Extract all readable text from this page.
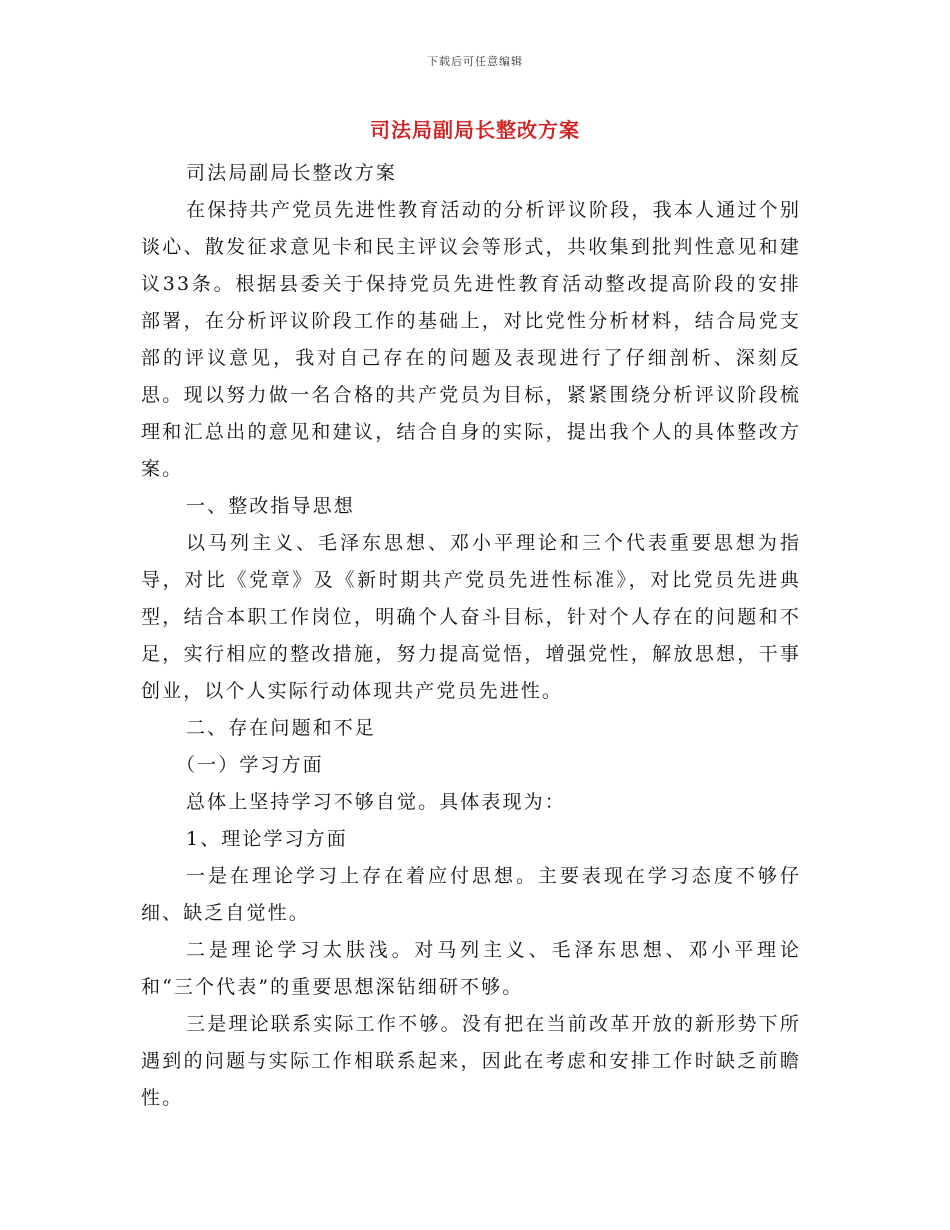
下载后可任意编辑
司法局副局长整改方案

司法局副局长整改方案

在保持共产党员先进性教育活动的分析评议阶段，我本人通过个别谈心、散发征求意见卡和民主评议会等形式，共收集到批判性意见和建议33条。根据县委关于保持党员先进性教育活动整改提高阶段的安排部署，在分析评议阶段工作的基础上，对比党性分析材料，结合局党支部的评议意见，我对自己存在的问题及表现进行了仔细剖析、深刻反思。现以努力做一名合格的共产党员为目标，紧紧围绕分析评议阶段梳理和汇总出的意见和建议，结合自身的实际，提出我个人的具体整改方案。

一、整改指导思想

以马列主义、毛泽东思想、邓小平理论和三个代表重要思想为指导，对比《党章》及《新时期共产党员先进性标准》，对比党员先进典型，结合本职工作岗位，明确个人奋斗目标，针对个人存在的问题和不足，实行相应的整改措施，努力提高觉悟，增强党性，解放思想，干事创业，以个人实际行动体现共产党员先进性。

二、存在问题和不足

（一）学习方面

总体上坚持学习不够自觉。具体表现为：

1、理论学习方面

一是在理论学习上存在着应付思想。主要表现在学习态度不够仔细、缺乏自觉性。

二是理论学习太肤浅。对马列主义、毛泽东思想、邓小平理论和“三个代表”的重要思想深钻细研不够。

三是理论联系实际工作不够。没有把在当前改革开放的新形势下所遇到的问题与实际工作相联系起来，因此在考虑和安排工作时缺乏前瞻性。
